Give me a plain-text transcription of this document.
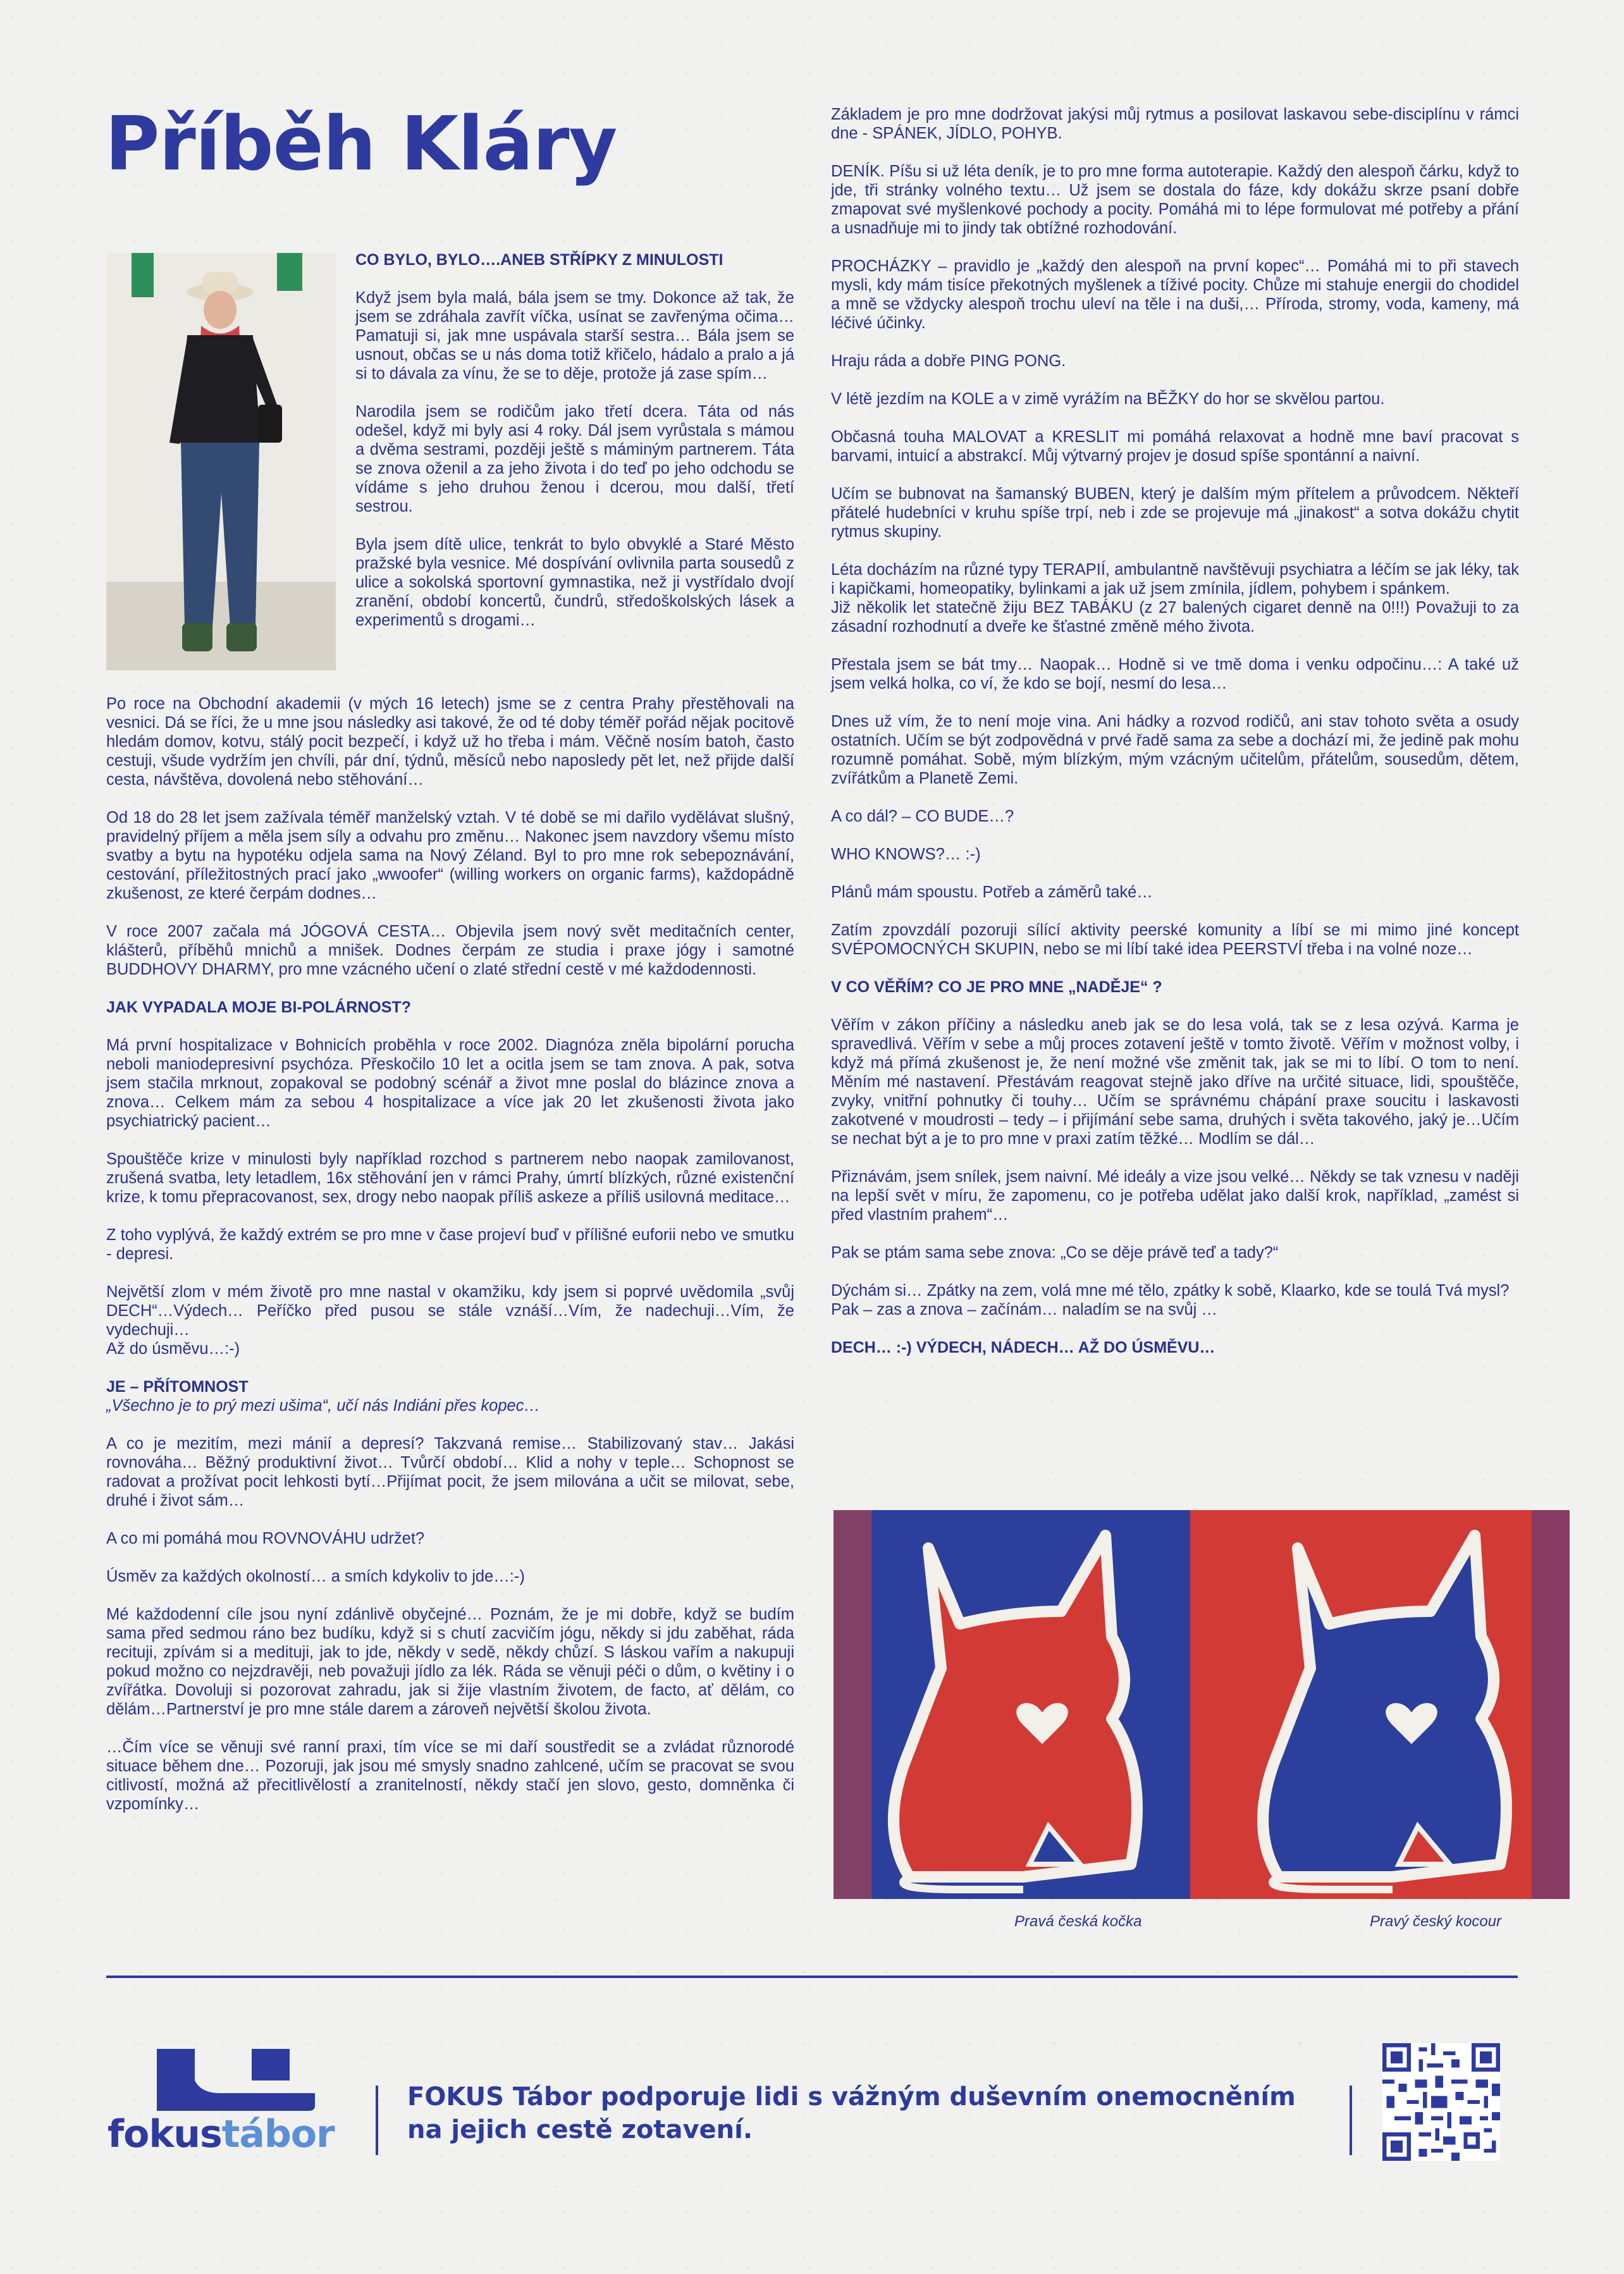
Příběh Kláry

CO BYLO, BYLO….ANEB STŘÍPKY Z MINULOSTI

Když jsem byla malá, bála jsem se tmy. Dokonce až tak, že jsem se zdráhala zavřít víčka, usínat se zavřenýma očima… Pamatuji si, jak mne uspávala starší sestra… Bála jsem se usnout, občas se u nás doma totiž křičelo, hádalo a pralo a já si to dávala za vínu, že se to děje, protože já zase spím…

Narodila jsem se rodičům jako třetí dcera. Táta od nás odešel, když mi byly asi 4 roky. Dál jsem vyrůstala s mámou a dvěma sestrami, později ještě s máminým partnerem. Táta se znova oženil a za jeho života i do teď po jeho odchodu se vídáme s jeho druhou ženou i dcerou, mou další, třetí sestrou.

Byla jsem dítě ulice, tenkrát to bylo obvyklé a Staré Město pražské byla vesnice. Mé dospívání ovlivnila parta sousedů z ulice a sokolská sportovní gymnastika, než ji vystřídalo dvojí zranění, období koncertů, čundrů, středoškolských lásek a experimentů s drogami…

Po roce na Obchodní akademii (v mých 16 letech) jsme se z centra Prahy přestěhovali na vesnici. Dá se říci, že u mne jsou následky asi takové, že od té doby téměř pořád nějak pocitově hledám domov, kotvu, stálý pocit bezpečí, i když už ho třeba i mám. Věčně nosím batoh, často cestuji, všude vydržím jen chvíli, pár dní, týdnů, měsíců nebo naposledy pět let, než přijde další cesta, návštěva, dovolená nebo stěhování…

Od 18 do 28 let jsem zažívala téměř manželský vztah. V té době se mi dařilo vydělávat slušný, pravidelný příjem a měla jsem síly a odvahu pro změnu… Nakonec jsem navzdory všemu místo svatby a bytu na hypotéku odjela sama na Nový Zéland. Byl to pro mne rok sebepoznávání, cestování, příležitostných prací jako „wwoofer“ (willing workers on organic farms), každopádně zkušenost, ze které čerpám dodnes…

V roce 2007 začala má JÓGOVÁ CESTA… Objevila jsem nový svět meditačních center, klášterů, příběhů mnichů a mnišek. Dodnes čerpám ze studia i praxe jógy i samotné BUDDHOVY DHARMY, pro mne vzácného učení o zlaté střední cestě v mé každodennosti.

JAK VYPADALA MOJE BI-POLÁRNOST?

Má první hospitalizace v Bohnicích proběhla v roce 2002. Diagnóza zněla bipolární porucha neboli maniodepresivní psychóza. Přeskočilo 10 let a ocitla jsem se tam znova. A pak, sotva jsem stačila mrknout, zopakoval se podobný scénář a život mne poslal do blázince znova a znova… Celkem mám za sebou 4 hospitalizace a více jak 20 let zkušenosti života jako psychiatrický pacient…

Spouštěče krize v minulosti byly například rozchod s partnerem nebo naopak zamilovanost, zrušená svatba, lety letadlem, 16x stěhování jen v rámci Prahy, úmrtí blízkých, různé existenční krize, k tomu přepracovanost, sex, drogy nebo naopak příliš askeze a příliš usilovná meditace…

Z toho vyplývá, že každý extrém se pro mne v čase projeví buď v přílišné euforii nebo ve smutku - depresi.

Největší zlom v mém životě pro mne nastal v okamžiku, kdy jsem si poprvé uvědomila „svůj DECH“…Výdech… Peříčko před pusou se stále vznáší…Vím, že nadechuji…Vím, že vydechuji…

Až do úsměvu…:-)

JE – PŘÍTOMNOST

„Všechno je to prý mezi ušima“, učí nás Indiáni přes kopec…

A co je mezitím, mezi mánií a depresí? Takzvaná remise… Stabilizovaný stav… Jakási rovnováha… Běžný produktivní život… Tvůrčí období… Klid a nohy v teple… Schopnost se radovat a prožívat pocit lehkosti bytí…Přijímat pocit, že jsem milována a učit se milovat, sebe, druhé i život sám…

A co mi pomáhá mou ROVNOVÁHU udržet?

Úsměv za každých okolností… a smích kdykoliv to jde…:-)

Mé každodenní cíle jsou nyní zdánlivě obyčejné… Poznám, že je mi dobře, když se budím sama před sedmou ráno bez budíku, když si s chutí zacvičím jógu, někdy si jdu zaběhat, ráda recituji, zpívám si a medituji, jak to jde, někdy v sedě, někdy chůzí. S láskou vařím a nakupuji pokud možno co nejzdravěji, neb považuji jídlo za lék. Ráda se věnuji péči o dům, o květiny i o zvířátka. Dovoluji si pozorovat zahradu, jak si žije vlastním životem, de facto, ať dělám, co dělám…Partnerství je pro mne stále darem a zároveň největší školou života.

…Čím více se věnuji své ranní praxi, tím více se mi daří soustředit se a zvládat různorodé situace během dne… Pozoruji, jak jsou mé smysly snadno zahlcené, učím se pracovat se svou citlivostí, možná až přecitlivělostí a zranitelností, někdy stačí jen slovo, gesto, domněnka či vzpomínky…

Základem je pro mne dodržovat jakýsi můj rytmus a posilovat laskavou sebe-disciplínu v rámci dne - SPÁNEK, JÍDLO, POHYB.

DENÍK. Píšu si už léta deník, je to pro mne forma autoterapie. Každý den alespoň čárku, když to jde, tři stránky volného textu… Už jsem se dostala do fáze, kdy dokážu skrze psaní dobře zmapovat své myšlenkové pochody a pocity. Pomáhá mi to lépe formulovat mé potřeby a přání a usnadňuje mi to jindy tak obtížné rozhodování.

PROCHÁZKY – pravidlo je „každý den alespoň na první kopec“… Pomáhá mi to při stavech mysli, kdy mám tisíce překotných myšlenek a tíživé pocity. Chůze mi stahuje energii do chodidel a mně se vždycky alespoň trochu uleví na těle i na duši,… Příroda, stromy, voda, kameny, má léčivé účinky.

Hraju ráda a dobře PING PONG.

V létě jezdím na KOLE a v zimě vyrážím na BĚŽKY do hor se skvělou partou.

Občasná touha MALOVAT a KRESLIT mi pomáhá relaxovat a hodně mne baví pracovat s barvami, intuicí a abstrakcí. Můj výtvarný projev je dosud spíše spontánní a naivní.

Učím se bubnovat na šamanský BUBEN, který je dalším mým přítelem a průvodcem. Někteří přátelé hudebníci v kruhu spíše trpí, neb i zde se projevuje má „jinakost“ a sotva dokážu chytit rytmus skupiny.

Léta docházím na různé typy TERAPIÍ, ambulantně navštěvuji psychiatra a léčím se jak léky, tak i kapičkami, homeopatiky, bylinkami a jak už jsem zmínila, jídlem, pohybem i spánkem.

Již několik let statečně žiju BEZ TABÁKU (z 27 balených cigaret denně na 0!!!) Považuji to za zásadní rozhodnutí a dveře ke šťastné změně mého života.

Přestala jsem se bát tmy… Naopak… Hodně si ve tmě doma i venku odpočinu…: A také už jsem velká holka, co ví, že kdo se bojí, nesmí do lesa…

Dnes už vím, že to není moje vina. Ani hádky a rozvod rodičů, ani stav tohoto světa a osudy ostatních. Učím se být zodpovědná v prvé řadě sama za sebe a dochází mi, že jedině pak mohu rozumně pomáhat. Sobě, mým blízkým, mým vzácným učitelům, přátelům, sousedům, dětem, zvířátkům a Planetě Zemi.

A co dál? – CO BUDE…?

WHO KNOWS?… :-)

Plánů mám spoustu. Potřeb a záměrů také…

Zatím zpovzdálí pozoruji sílící aktivity peerské komunity a líbí se mi mimo jiné koncept SVÉPOMOCNÝCH SKUPIN, nebo se mi líbí také idea PEERSTVÍ třeba i na volné noze…

V CO VĚŘÍM? CO JE PRO MNE „NADĚJE“ ?

Věřím v zákon příčiny a následku aneb jak se do lesa volá, tak se z lesa ozývá. Karma je spravedlivá. Věřím v sebe a můj proces zotavení ještě v tomto životě. Věřím v možnost volby, i když má přímá zkušenost je, že není možné vše změnit tak, jak se mi to líbí. O tom to není. Měním mé nastavení. Přestávám reagovat stejně jako dříve na určité situace, lidi, spouštěče, zvyky, vnitřní pohnutky či touhy… Učím se správnému chápání praxe soucitu i laskavosti zakotvené v moudrosti – tedy – i přijímání sebe sama, druhých i světa takového, jaký je…Učím se nechat být a je to pro mne v praxi zatím těžké… Modlím se dál…

Přiznávám, jsem snílek, jsem naivní. Mé ideály a vize jsou velké… Někdy se tak vznesu v naději na lepší svět v míru, že zapomenu, co je potřeba udělat jako další krok, například, „zamést si před vlastním prahem“…

Pak se ptám sama sebe znova: „Co se děje právě teď a tady?“

Dýchám si… Zpátky na zem, volá mne mé tělo, zpátky k sobě, Klaarko, kde se toulá Tvá mysl?

Pak – zas a znova – začínám… naladím se na svůj …

DECH… :-) VÝDECH, NÁDECH… AŽ DO ÚSMĚVU…

Pravá česká kočka	Pravý český kocour
fokustábor
FOKUS Tábor podporuje lidi s vážným duševním onemocněním
na jejich cestě zotavení.
